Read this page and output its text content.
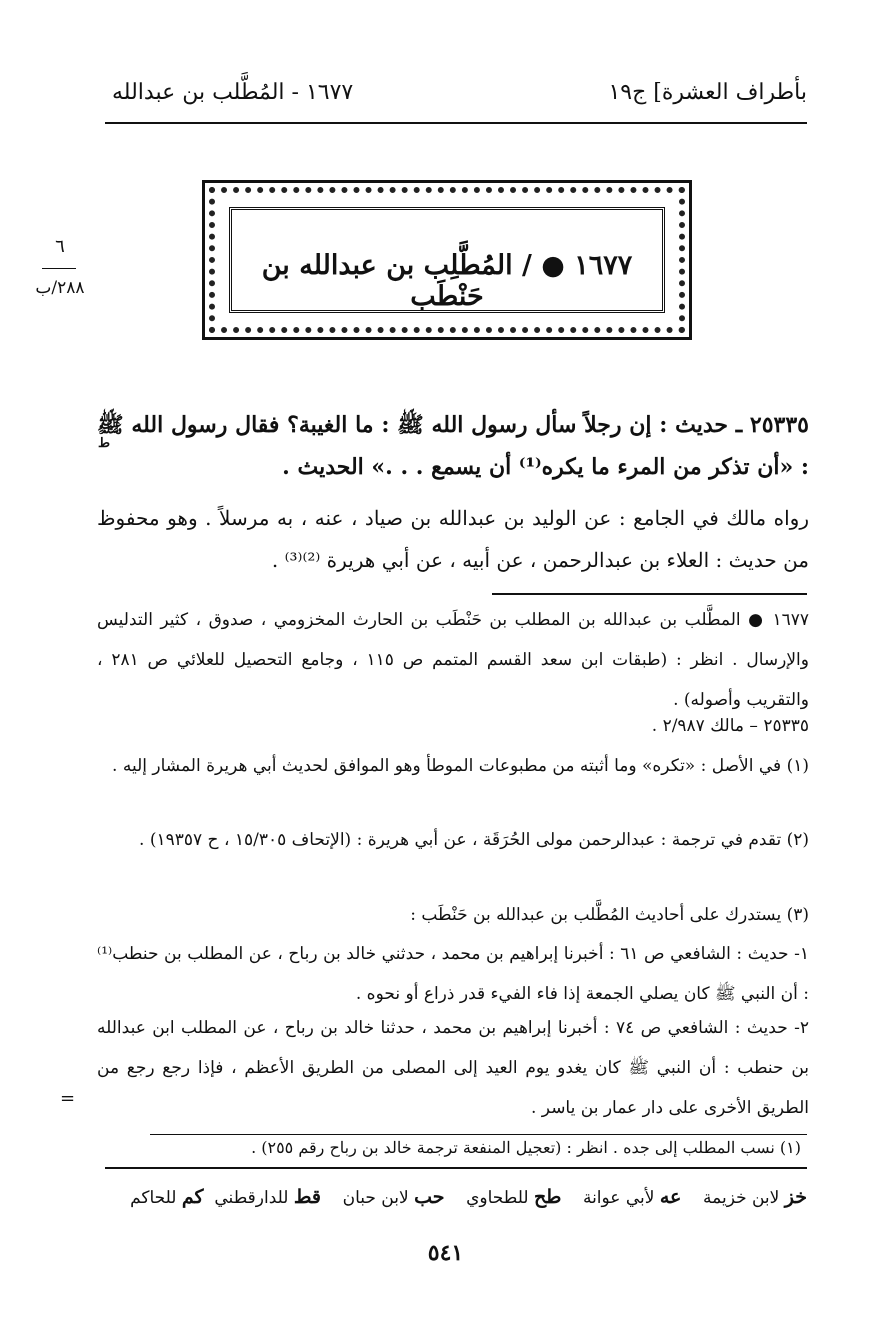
بأطراف العشرة] ج١٩
١٦٧٧ - المُطَّلب بن عبدالله
١٦٧٧ ● / المُطَّلِب بن عبدالله بن حَنْطَب
٦
٢٨٨/ب
ط
٢٥٣٣٥ ـ حديث : إن رجلاً سأل رسول الله ﷺ : ما الغيبة؟ فقال رسول الله ﷺ : «أن تذكر من المرء ما يكره⁽¹⁾ أن يسمع . . .» الحديث .
رواه مالك في الجامع : عن الوليد بن عبدالله بن صياد ، عنه ، به مرسلاً . وهو محفوظ من حديث : العلاء بن عبدالرحمن ، عن أبيه ، عن أبي هريرة ⁽²⁾⁽³⁾ .
١٦٧٧ ● المطَّلب بن عبدالله بن المطلب بن حَنْطَب بن الحارث المخزومي ، صدوق ، كثير التدليس والإرسال . انظر : (طبقات ابن سعد القسم المتمم ص ١١٥ ، وجامع التحصيل للعلائي ص ٢٨١ ، والتقريب وأصوله) .
٢٥٣٣٥ – مالك ٢/٩٨٧ .
(١) في الأصل : «تكره» وما أثبته من مطبوعات الموطأ وهو الموافق لحديث أبي هريرة المشار إليه .
(٢) تقدم في ترجمة : عبدالرحمن مولى الحُرَقَة ، عن أبي هريرة : (الإتحاف ١٥/٣٠٥ ، ح ١٩٣٥٧) .
(٣) يستدرك على أحاديث المُطَّلب بن عبدالله بن حَنْطَب :
١- حديث : الشافعي ص ٦١ : أخبرنا إبراهيم بن محمد ، حدثني خالد بن رباح ، عن المطلب بن حنطب⁽¹⁾ : أن النبي ﷺ كان يصلي الجمعة إذا فاء الفيء قدر ذراع أو نحوه .
٢- حديث : الشافعي ص ٧٤ : أخبرنا إبراهيم بن محمد ، حدثنا خالد بن رباح ، عن المطلب ابن عبدالله بن حنطب : أن النبي ﷺ كان يغدو يوم العيد إلى المصلى من الطريق الأعظم ، فإذا رجع رجع من الطريق الأخرى على دار عمار بن ياسر .
=
(١) نسب المطلب إلى جده . انظر : (تعجيل المنفعة ترجمة خالد بن رباح رقم ٢٥٥) .
خز لابن خزيمة    عه لأبي عوانة    طح للطحاوي    حب لابن حبان    قط للدارقطني  كم للحاكم
٥٤١
